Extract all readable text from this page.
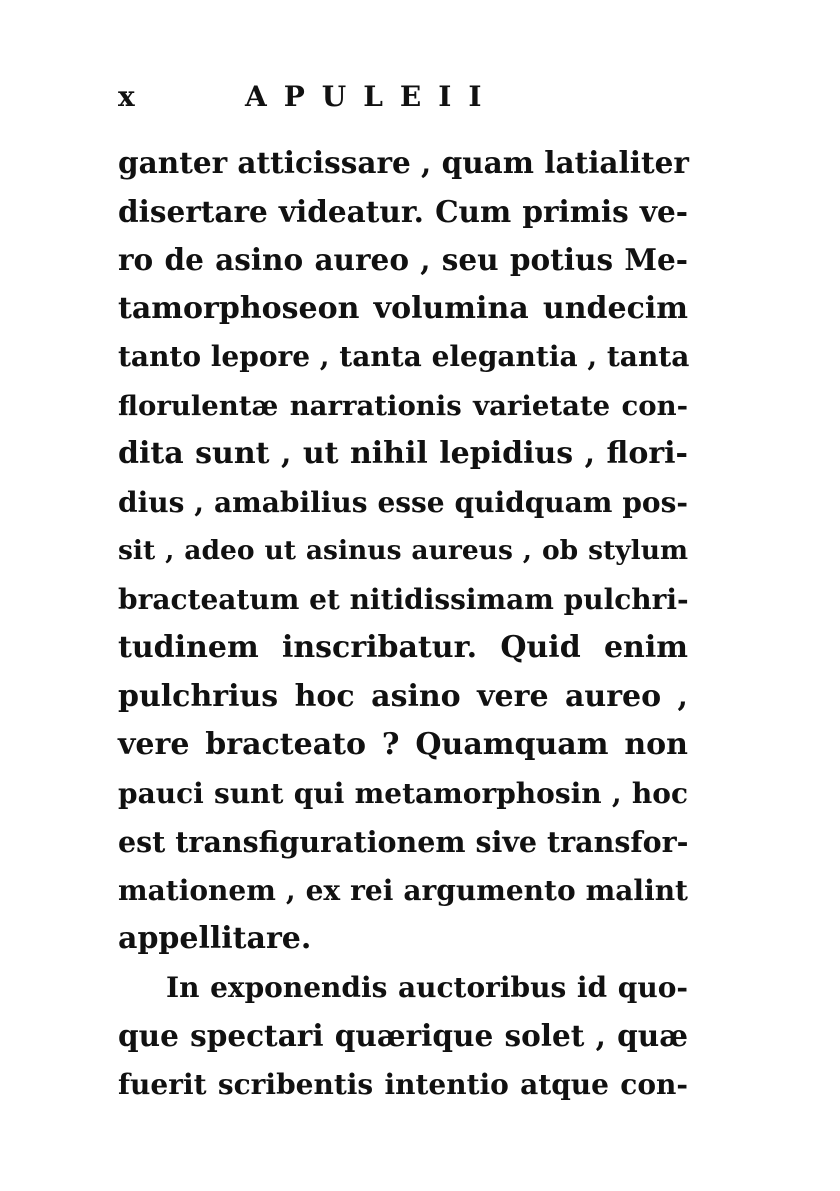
x	APULEII
ganter atticissare , quam latialiter
disertare videatur. Cum primis ve-
ro de asino aureo , seu potius Me-
tamorphoseon volumina undecim
tanto lepore , tanta elegantia , tanta
florulentæ narrationis varietate con-
dita sunt , ut nihil lepidius , flori-
dius , amabilius esse quidquam pos-
sit , adeo ut asinus aureus , ob stylum
bracteatum et nitidissimam pulchri-
tudinem inscribatur. Quid enim
pulchrius hoc asino vere aureo ,
vere bracteato ? Quamquam non
pauci sunt qui metamorphosin , hoc
est transfigurationem sive transfor-
mationem , ex rei argumento malint
appellitare.
In exponendis auctoribus id quo-
que spectari quærique solet , quæ
fuerit scribentis intentio atque con-
